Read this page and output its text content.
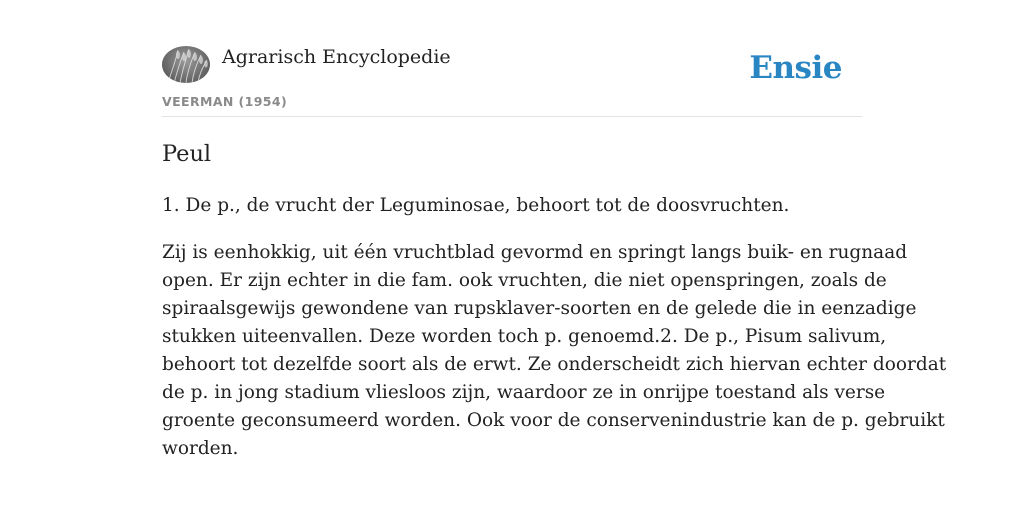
Agrarisch Encyclopedie
VEERMAN (1954)
Ensie
Peul

1. De p., de vrucht der Leguminosae, behoort tot de doosvruchten.

Zij is eenhokkig, uit één vruchtblad gevormd en springt langs buik- en rugnaad
open. Er zijn echter in die fam. ook vruchten, die niet openspringen, zoals de
spiraalsgewijs gewondene van rupsklaver-soorten en de gelede die in eenzadige
stukken uiteenvallen. Deze worden toch p. genoemd.2. De p., Pisum salivum,
behoort tot dezelfde soort als de erwt. Ze onderscheidt zich hiervan echter doordat
de p. in jong stadium vliesloos zijn, waardoor ze in onrijpe toestand als verse
groente geconsumeerd worden. Ook voor de conservenindustrie kan de p. gebruikt
worden.
